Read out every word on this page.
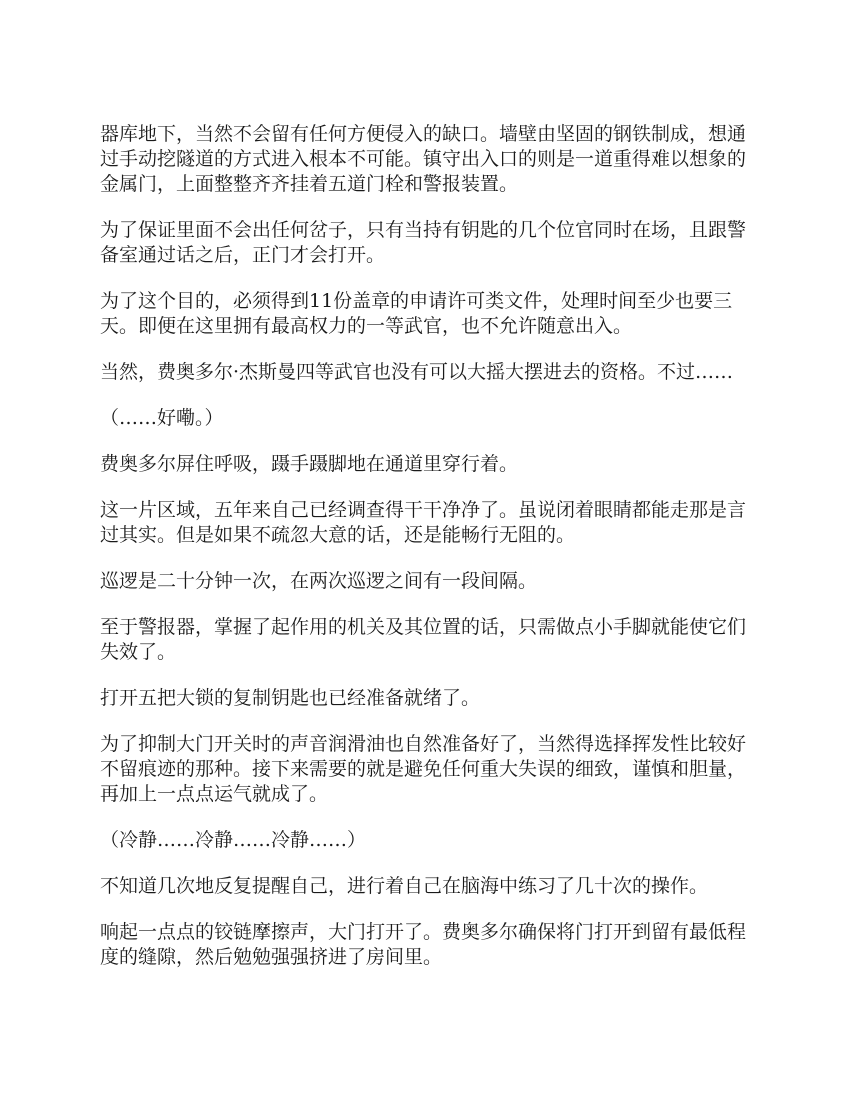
器库地下，当然不会留有任何方便侵入的缺口。墙壁由坚固的钢铁制成，想通过手动挖隧道的方式进入根本不可能。镇守出入口的则是一道重得难以想象的金属门，上面整整齐齐挂着五道门栓和警报装置。

为了保证里面不会出任何岔子，只有当持有钥匙的几个位官同时在场，且跟警备室通过话之后，正门才会打开。

为了这个目的，必须得到11份盖章的申请许可类文件，处理时间至少也要三天。即便在这里拥有最高权力的一等武官，也不允许随意出入。

当然，费奥多尔·杰斯曼四等武官也没有可以大摇大摆进去的资格。不过……

（……好嘞。）

费奥多尔屏住呼吸，蹑手蹑脚地在通道里穿行着。

这一片区域，五年来自己已经调查得干干净净了。虽说闭着眼睛都能走那是言过其实。但是如果不疏忽大意的话，还是能畅行无阻的。

巡逻是二十分钟一次，在两次巡逻之间有一段间隔。

至于警报器，掌握了起作用的机关及其位置的话，只需做点小手脚就能使它们失效了。

打开五把大锁的复制钥匙也已经准备就绪了。

为了抑制大门开关时的声音润滑油也自然准备好了，当然得选择挥发性比较好不留痕迹的那种。接下来需要的就是避免任何重大失误的细致，谨慎和胆量，再加上一点点运气就成了。

（冷静……冷静……冷静……）

不知道几次地反复提醒自己，进行着自己在脑海中练习了几十次的操作。

响起一点点的铰链摩擦声，大门打开了。费奥多尔确保将门打开到留有最低程度的缝隙，然后勉勉强强挤进了房间里。
